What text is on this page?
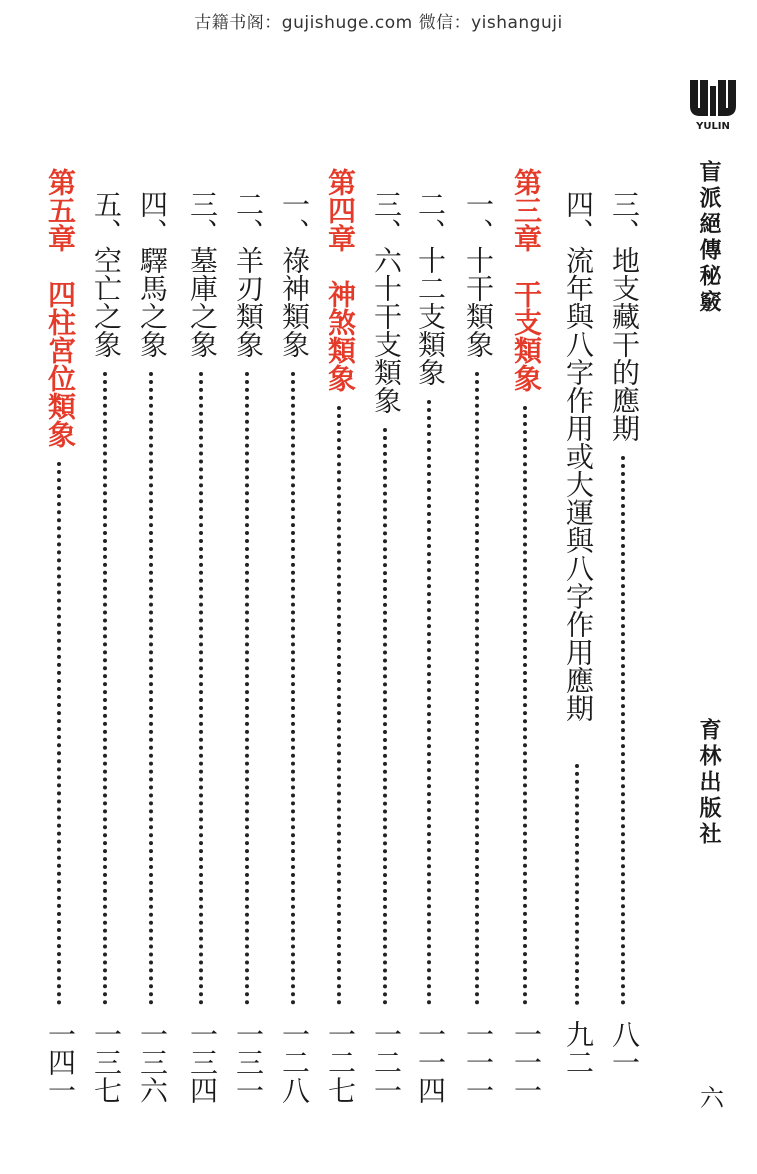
古籍书阁：gujishuge.com 微信：yishanguji
YULIN
盲派絕傳秘竅
育林出版社
六
三、地支藏干的應期
八一
四、流年與八字作用或大運與八字作用應期
九二
第三章　干支類象
一一一
一、十干類象
一一一
二、十二支類象
一一四
三、六十干支類象
一二一
第四章　神煞類象
一二七
一、祿神類象
一二八
二、羊刃類象
一三一
三、墓庫之象
一三四
四、驛馬之象
一三六
五、空亡之象
一三七
第五章　四柱宮位類象
一四一
